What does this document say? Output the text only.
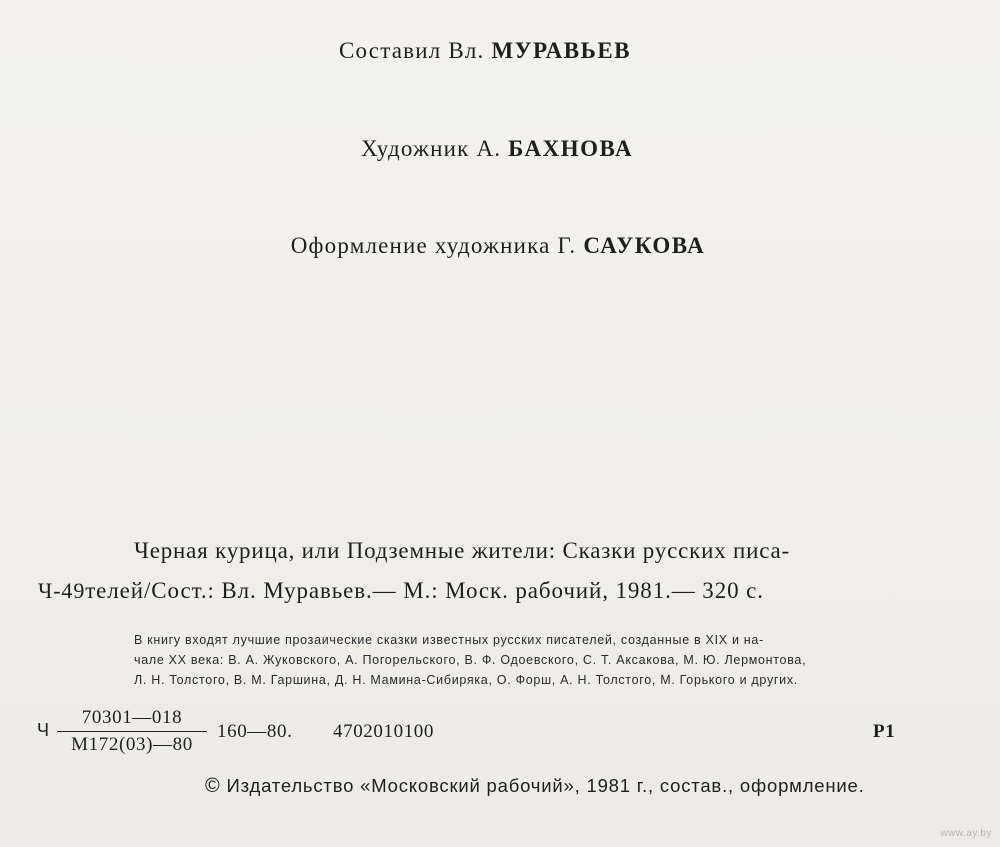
Составил Вл. МУРАВЬЕВ
Художник А. БАХНОВА
Оформление художника Г. САУКОВА
Черная курица, или Подземные жители: Сказки русских писа-
Ч-49телей/Сост.: Вл. Муравьев.— М.: Моск. рабочий, 1981.— 320 с.
В книгу входят лучшие прозаические сказки известных русских писателей, созданные в XIX и на-
чале XX века: В. А. Жуковского, А. Погорельского, В. Ф. Одоевского, С. Т. Аксакова, М. Ю. Лермонтова,
Л. Н. Толстого, В. М. Гаршина, Д. Н. Мамина-Сибиряка, О. Форш, А. Н. Толстого, М. Горького и других.
Ч
70301—018
М172(03)—80
160—80. 4702010100	Р1
© Издательство «Московский рабочий», 1981 г., состав., оформление.
www.ay.by
